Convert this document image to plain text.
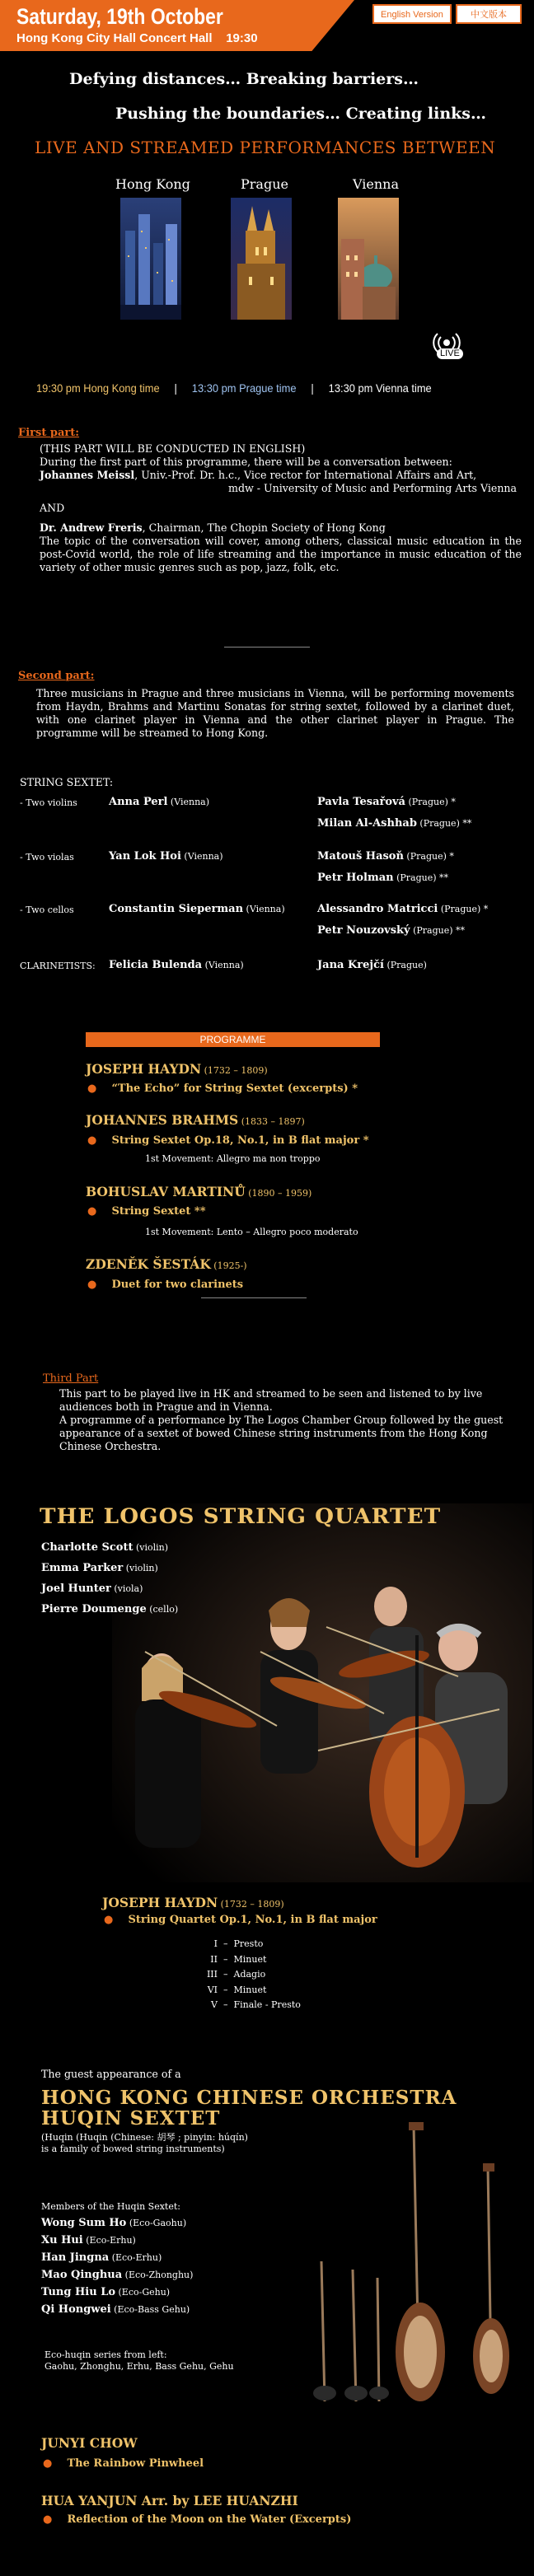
Saturday, 19th October
Hong Kong City Hall Concert Hall 19:30
English Version	中文版本
Defying distances… Breaking barriers…
Pushing the boundaries… Creating links…
LIVE AND STREAMED PERFORMANCES BETWEEN
Hong Kong	Prague	Vienna
LIVE
19:30 pm Hong Kong time | 13:30 pm Prague time | 13:30 pm Vienna time
First part:
(THIS PART WILL BE CONDUCTED IN ENGLISH)
During the first part of this programme, there will be a conversation between:
Johannes Meissl, Univ.-Prof. Dr. h.c., Vice rector for International Affairs and Art,
mdw - University of Music and Performing Arts Vienna
AND
Dr. Andrew Freris, Chairman, The Chopin Society of Hong Kong
The topic of the conversation will cover, among others, classical music education in the post-Covid world, the role of life streaming and the importance in music education of the variety of other music genres such as pop, jazz, folk, etc.
Second part:
Three musicians in Prague and three musicians in Vienna, will be performing movements from Haydn, Brahms and Martinu Sonatas for string sextet, followed by a clarinet duet, with one clarinet player in Vienna and the other clarinet player in Prague. The programme will be streamed to Hong Kong.
STRING SEXTET:
- Two violins	Anna Perl (Vienna)	Pavla Tesařová (Prague) *
Milan Al-Ashhab (Prague) **
- Two violas	Yan Lok Hoi (Vienna)	Matouš Hasoň (Prague) *
Petr Holman (Prague) **
- Two cellos	Constantin Sieperman (Vienna)	Alessandro Matricci (Prague) *
Petr Nouzovský (Prague) **
CLARINETISTS: Felicia Bulenda (Vienna)	Jana Krejčí (Prague)
PROGRAMME
JOSEPH HAYDN (1732 – 1809)
● “The Echo” for String Sextet (excerpts) *
JOHANNES BRAHMS (1833 – 1897)
● String Sextet Op.18, No.1, in B flat major *
1st Movement: Allegro ma non troppo
BOHUSLAV MARTINŮ (1890 – 1959)
● String Sextet **
1st Movement: Lento – Allegro poco moderato
ZDENĚK ŠESTÁK (1925-)
● Duet for two clarinets
Third Part
This part to be played live in HK and streamed to be seen and listened to by live audiences both in Prague and in Vienna.
A programme of a performance by The Logos Chamber Group followed by the guest appearance of a sextet of bowed Chinese string instruments from the Hong Kong Chinese Orchestra.
THE LOGOS STRING QUARTET
Charlotte Scott (violin)
Emma Parker (violin)
Joel Hunter (viola)
Pierre Doumenge (cello)
JOSEPH HAYDN (1732 – 1809)
● String Quartet Op.1, No.1, in B flat major
I – Presto
II – Minuet
III – Adagio
VI – Minuet
V – Finale - Presto
The guest appearance of a
HONG KONG CHINESE ORCHESTRA
HUQIN SEXTET
(Huqin (Huqin (Chinese: 胡琴 ; pinyin: húqín)
is a family of bowed string instruments)
Members of the Huqin Sextet:
Wong Sum Ho (Eco-Gaohu)
Xu Hui (Eco-Erhu)
Han Jingna (Eco-Erhu)
Mao Qinghua (Eco-Zhonghu)
Tung Hiu Lo (Eco-Gehu)
Qi Hongwei (Eco-Bass Gehu)
Eco-huqin series from left:
Gaohu, Zhonghu, Erhu, Bass Gehu, Gehu
JUNYI CHOW
● The Rainbow Pinwheel
HUA YANJUN Arr. by LEE HUANZHI
● Reflection of the Moon on the Water (Excerpts)
